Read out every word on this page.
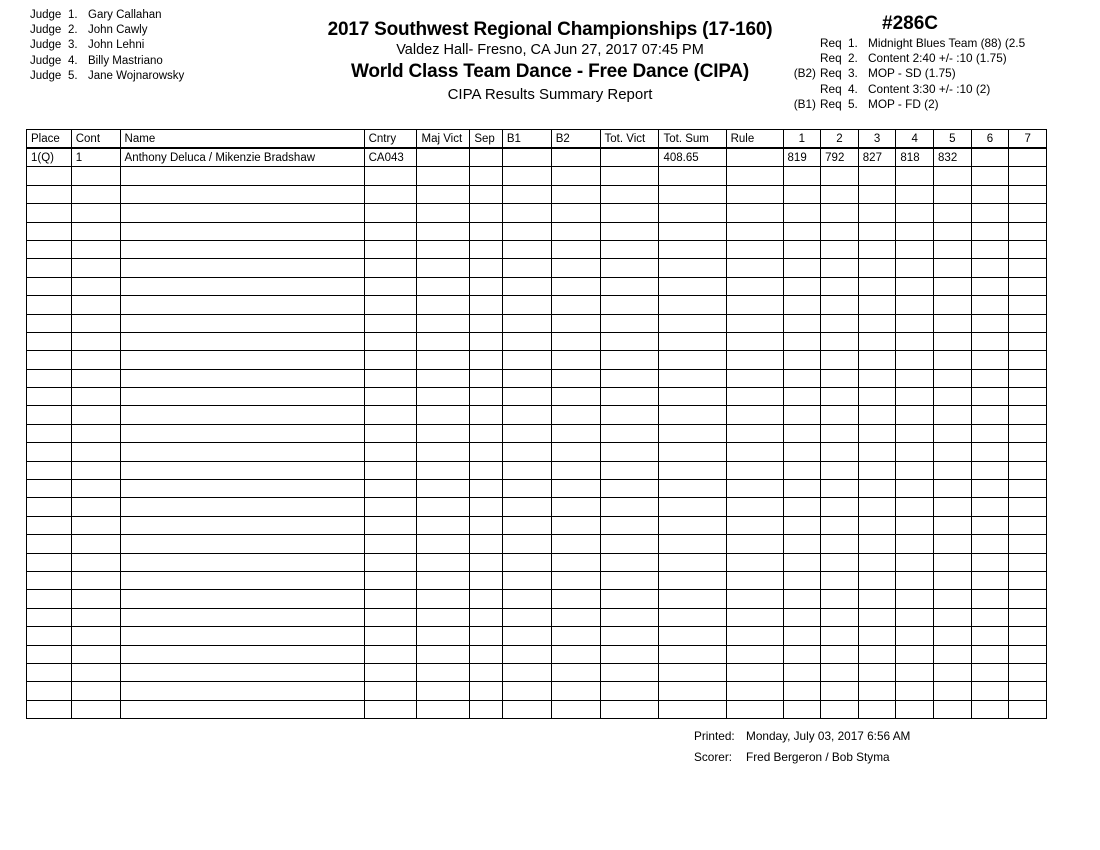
Judge 1. Gary Callahan
Judge 2. John Cawly
Judge 3. John Lehni
Judge 4. Billy Mastriano
Judge 5. Jane Wojnarowsky
2017 Southwest Regional Championships (17-160)
Valdez Hall- Fresno, CA Jun 27, 2017 07:45 PM
World Class Team Dance - Free Dance (CIPA)
CIPA Results Summary Report
#286C
Req 1. Midnight Blues Team (88) (2.5
Req 2. Content 2:40 +/- :10 (1.75)
(B2) Req 3. MOP - SD (1.75)
Req 4. Content 3:30 +/- :10 (2)
(B1) Req 5. MOP - FD (2)
Place	Cont	Name	Cntry	Maj Vict	Sep	B1	B2	Tot. Vict	Tot. Sum	Rule	1	2	3	4	5	6	7
1(Q)	1	Anthony Deluca / Mikenzie Bradshaw	CA043						408.65		819	792	827	818	832		

Printed: Monday, July 03, 2017 6:56 AM
Scorer: Fred Bergeron / Bob Styma
